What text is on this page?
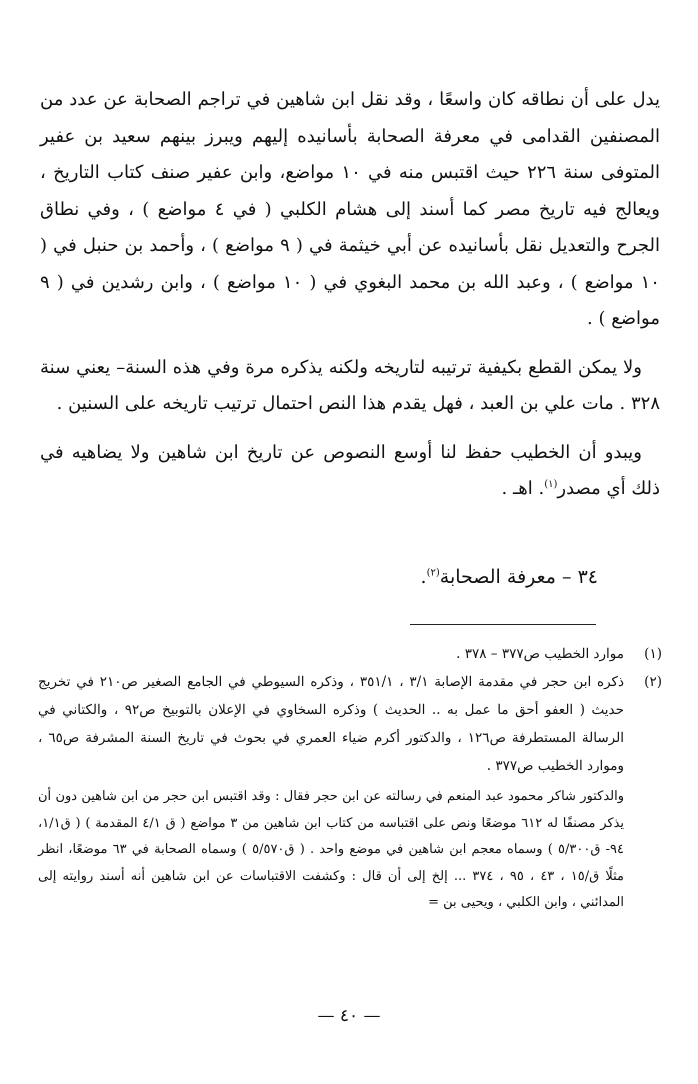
يدل على أن نطاقه كان واسعًا ، وقد نقل ابن شاهين في تراجم الصحابة عن عدد من المصنفين القدامى في معرفة الصحابة بأسانيده إليهم ويبرز بينهم سعيد بن عفير المتوفى سنة ٢٢٦ حيث اقتبس منه في ١٠ مواضع، وابن عفير صنف كتاب التاريخ ، ويعالج فيه تاريخ مصر كما أسند إلى هشام الكلبي ( في ٤ مواضع ) ، وفي نطاق الجرح والتعديل نقل بأسانيده عن أبي خيثمة في ( ٩ مواضع ) ، وأحمد بن حنبل في ( ١٠ مواضع ) ، وعبد الله بن محمد البغوي في ( ١٠ مواضع ) ، وابن رشدين في ( ٩ مواضع ) .

ولا يمكن القطع بكيفية ترتيبه لتاريخه ولكنه يذكره مرة وفي هذه السنة– يعني سنة ٣٢٨ . مات علي بن العبد ، فهل يقدم هذا النص احتمال ترتيب تاريخه على السنين .

ويبدو أن الخطيب حفظ لنا أوسع النصوص عن تاريخ ابن شاهين ولا يضاهيه في ذلك أي مصدر$^{(١)}$. اهـ .

٣٤ – معرفة الصحابة$^{(٢)}$.

(١)
موارد الخطيب ص٣٧٧ – ٣٧٨ .
(٢)
ذكره ابن حجر في مقدمة الإصابة ٣/١ ، ٣٥١/١ ، وذكره السيوطي في الجامع الصغير ص٢١٠ في تخريج حديث ( العفو أحق ما عمل به .. الحديث ) وذكره السخاوي في الإعلان بالتوبيخ ص٩٢ ، والكتاني في الرسالة المستطرفة ص١٢٦ ، والدكتور أكرم ضياء العمري في بحوث في تاريخ السنة المشرفة ص٦٥ ، وموارد الخطيب ص٣٧٧ .
والدكتور شاكر محمود عبد المنعم في رسالته عن ابن حجر فقال : وقد اقتبس ابن حجر من ابن شاهين دون أن يذكر مصنفًا له ٦١٢ موضعًا ونص على اقتباسه من كتاب ابن شاهين من ٣ مواضع ( ق ٤/١ المقدمة ) ( ق١/١، ٩٤- ق٥/٣٠٠ ) وسماه معجم ابن شاهين في موضع واحد . ( ق٥/٥٧٠ ) وسماه الصحابة في ٦٣ موضعًا، انظر مثلًا ق/١٥ ، ٤٣ ، ٩٥ ، ٣٧٤ ... إلخ إلى أن قال : وكشفت الاقتباسات عن ابن شاهين أنه أسند روايته إلى المدائني ، وابن الكلبي ، ويحيى بن =
— ٤٠ —
